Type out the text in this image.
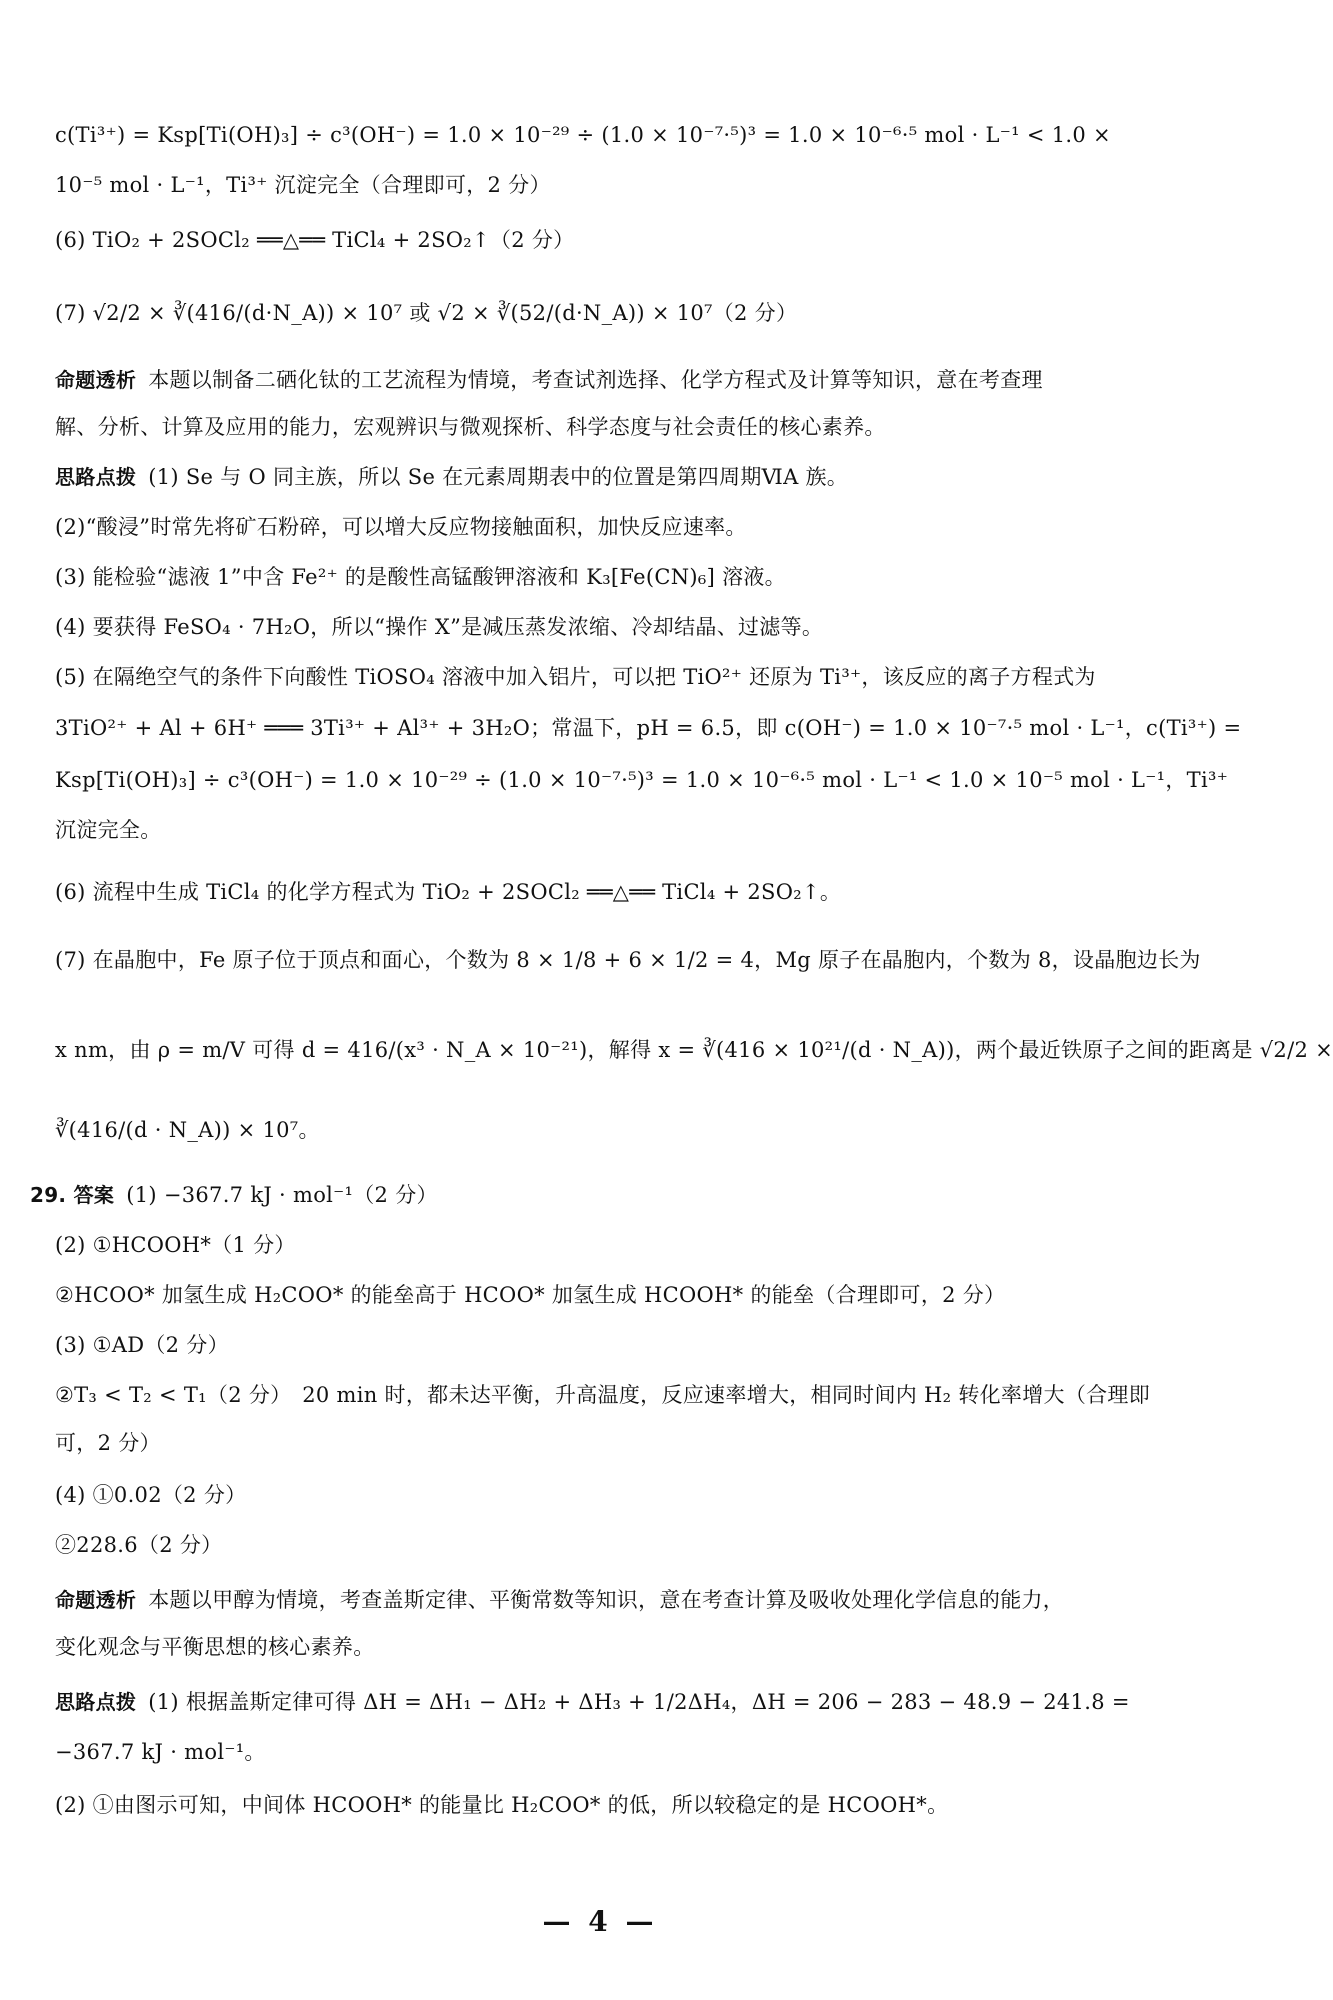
c(Ti³⁺) = Ksp[Ti(OH)₃] ÷ c³(OH⁻) = 1.0 × 10⁻²⁹ ÷ (1.0 × 10⁻⁷·⁵)³ = 1.0 × 10⁻⁶·⁵ mol · L⁻¹ < 1.0 ×
10⁻⁵ mol · L⁻¹，Ti³⁺ 沉淀完全（合理即可，2 分）
(6) TiO₂ + 2SOCl₂ ══△══ TiCl₄ + 2SO₂↑（2 分）
(7) √2/2 × ∛(416/(d·N_A)) × 10⁷ 或 √2 × ∛(52/(d·N_A)) × 10⁷（2 分）
命题透析 本题以制备二硒化钛的工艺流程为情境，考查试剂选择、化学方程式及计算等知识，意在考查理
解、分析、计算及应用的能力，宏观辨识与微观探析、科学态度与社会责任的核心素养。
思路点拨 (1) Se 与 O 同主族，所以 Se 在元素周期表中的位置是第四周期ⅥA 族。
(2)“酸浸”时常先将矿石粉碎，可以增大反应物接触面积，加快反应速率。
(3) 能检验“滤液 1”中含 Fe²⁺ 的是酸性高锰酸钾溶液和 K₃[Fe(CN)₆] 溶液。
(4) 要获得 FeSO₄ · 7H₂O，所以“操作 X”是减压蒸发浓缩、冷却结晶、过滤等。
(5) 在隔绝空气的条件下向酸性 TiOSO₄ 溶液中加入铝片，可以把 TiO²⁺ 还原为 Ti³⁺，该反应的离子方程式为
3TiO²⁺ + Al + 6H⁺ ═══ 3Ti³⁺ + Al³⁺ + 3H₂O；常温下，pH = 6.5，即 c(OH⁻) = 1.0 × 10⁻⁷·⁵ mol · L⁻¹，c(Ti³⁺) =
Ksp[Ti(OH)₃] ÷ c³(OH⁻) = 1.0 × 10⁻²⁹ ÷ (1.0 × 10⁻⁷·⁵)³ = 1.0 × 10⁻⁶·⁵ mol · L⁻¹ < 1.0 × 10⁻⁵ mol · L⁻¹，Ti³⁺
沉淀完全。
(6) 流程中生成 TiCl₄ 的化学方程式为 TiO₂ + 2SOCl₂ ══△══ TiCl₄ + 2SO₂↑。
(7) 在晶胞中，Fe 原子位于顶点和面心，个数为 8 × 1/8 + 6 × 1/2 = 4，Mg 原子在晶胞内，个数为 8，设晶胞边长为
x nm，由 ρ = m/V 可得 d = 416/(x³ · N_A × 10⁻²¹)，解得 x = ∛(416 × 10²¹/(d · N_A))，两个最近铁原子之间的距离是 √2/2 ×
∛(416/(d · N_A)) × 10⁷。
29. 答案 (1) −367.7 kJ · mol⁻¹（2 分）
(2) ①HCOOH*（1 分）
②HCOO* 加氢生成 H₂COO* 的能垒高于 HCOO* 加氢生成 HCOOH* 的能垒（合理即可，2 分）
(3) ①AD（2 分）
②T₃ < T₂ < T₁（2 分）　20 min 时，都未达平衡，升高温度，反应速率增大，相同时间内 H₂ 转化率增大（合理即
可，2 分）
(4) ①0.02（2 分）
②228.6（2 分）
命题透析 本题以甲醇为情境，考查盖斯定律、平衡常数等知识，意在考查计算及吸收处理化学信息的能力，
变化观念与平衡思想的核心素养。
思路点拨 (1) 根据盖斯定律可得 ΔH = ΔH₁ − ΔH₂ + ΔH₃ + 1/2ΔH₄，ΔH = 206 − 283 − 48.9 − 241.8 =
−367.7 kJ · mol⁻¹。
(2) ①由图示可知，中间体 HCOOH* 的能量比 H₂COO* 的低，所以较稳定的是 HCOOH*。
— 4 —
